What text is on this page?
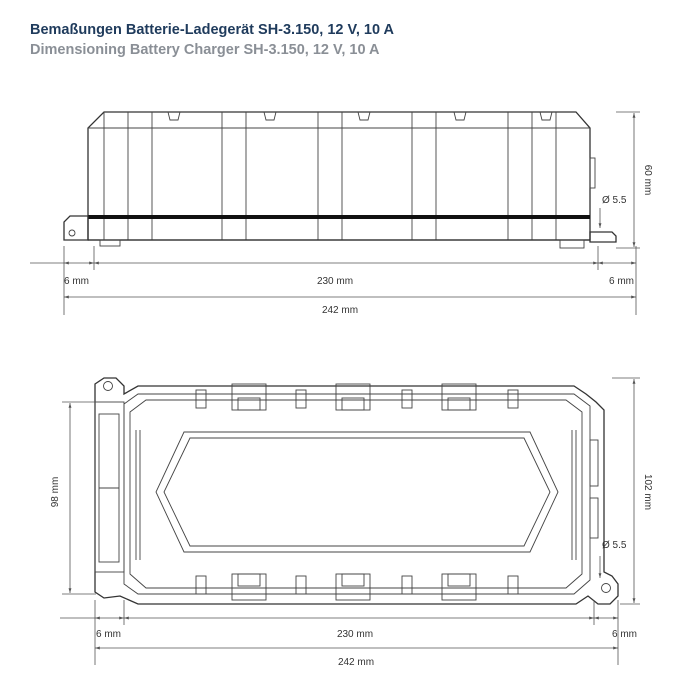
Bemaßungen Batterie-Ladegerät SH-3.150, 12 V, 10 A
Dimensioning Battery Charger SH-3.150, 12 V, 10 A
60 mm
Ø 5.5
6 mm	230 mm	6 mm
242 mm
102 mm
98 mm
Ø 5.5
6 mm	230 mm	6 mm
242 mm
